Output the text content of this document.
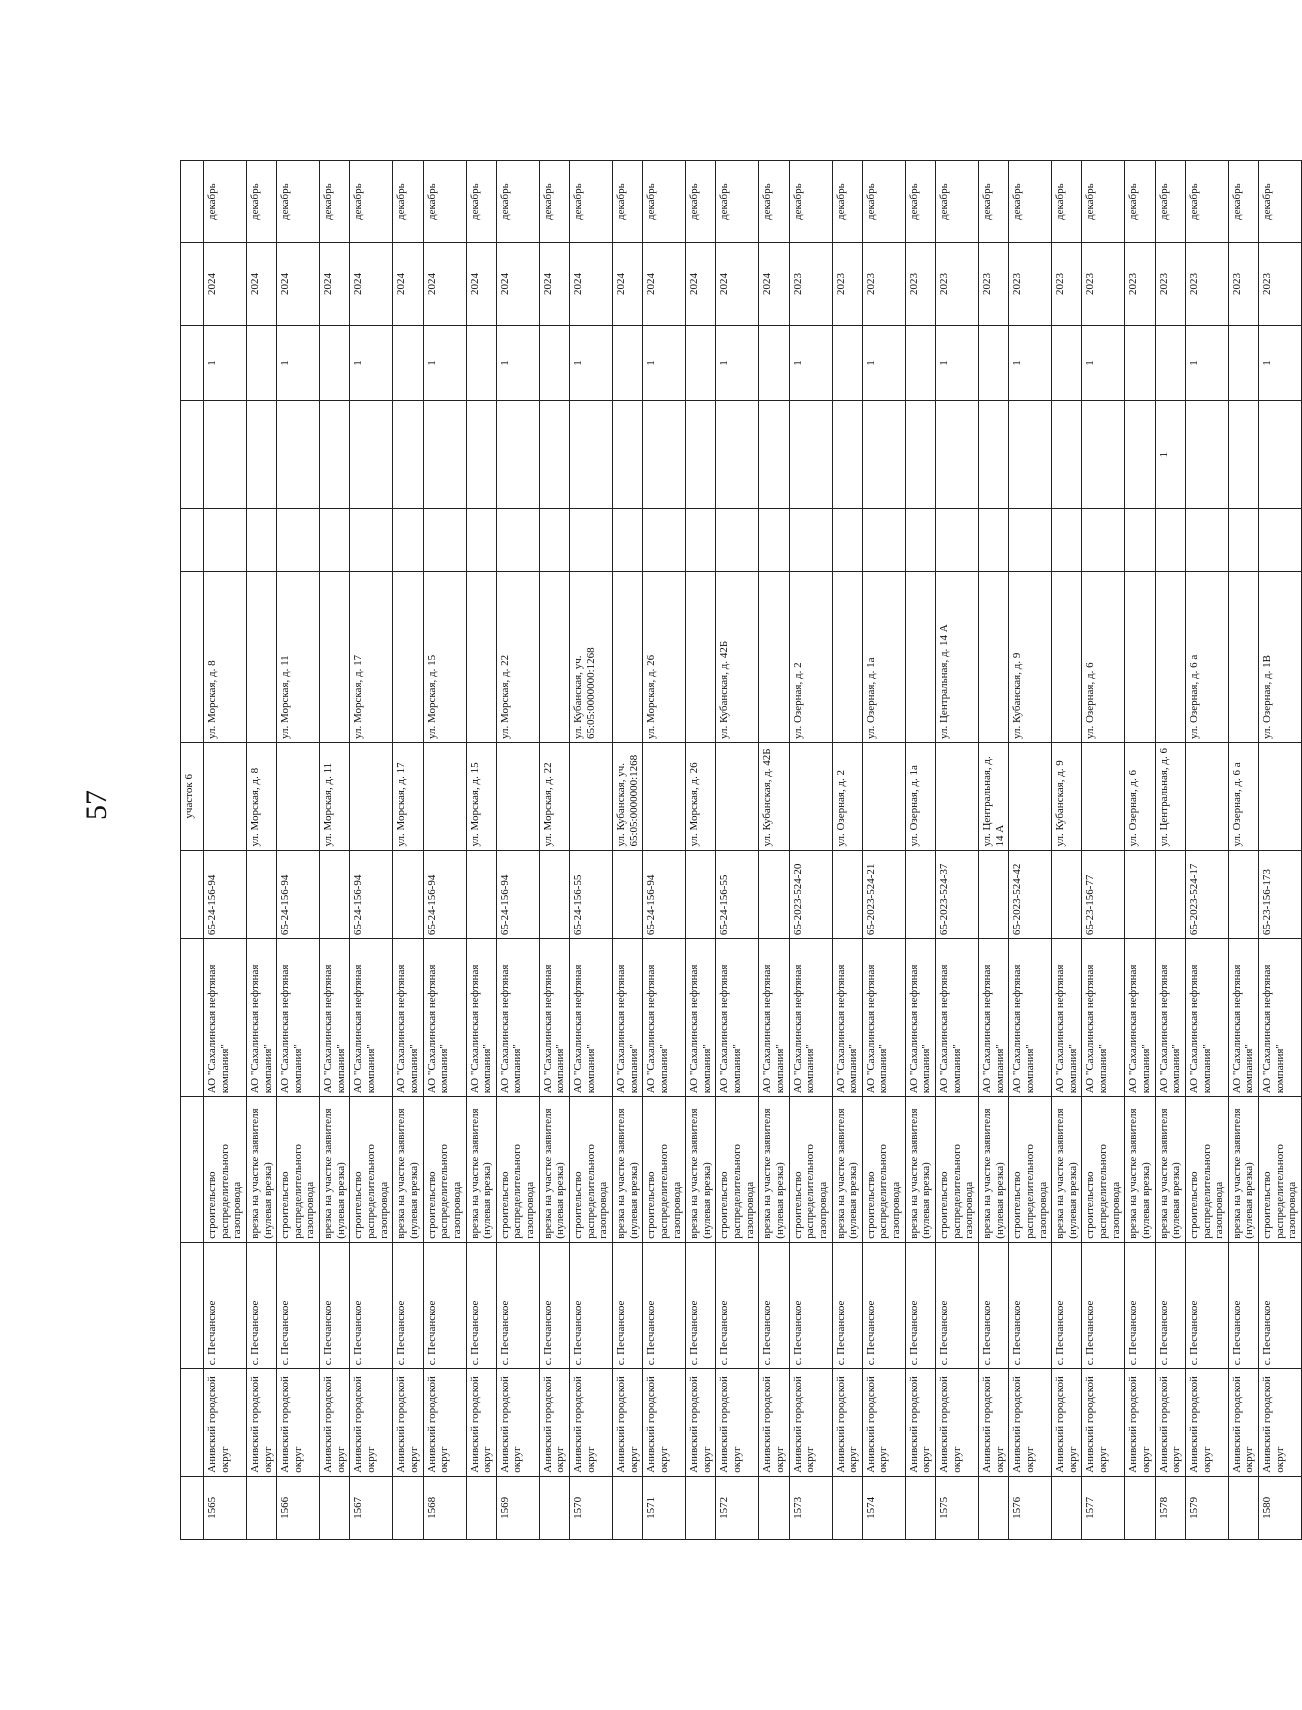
57
							участок 6						
1565	Анивский городской округ	с. Песчанское	строительство распределительного газопровода	АО "Сахалинская нефтяная компания"	65-24-156-94		ул. Морская, д. 8			1	2024	декабрь
	Анивский городской округ	с. Песчанское	врезка на участке заявителя (нулевая врезка)	АО "Сахалинская нефтяная компания"		ул. Морская, д. 8					2024	декабрь
1566	Анивский городской округ	с. Песчанское	строительство распределительного газопровода	АО "Сахалинская нефтяная компания"	65-24-156-94		ул. Морская, д. 11			1	2024	декабрь
	Анивский городской округ	с. Песчанское	врезка на участке заявителя (нулевая врезка)	АО "Сахалинская нефтяная компания"		ул. Морская, д. 11					2024	декабрь
1567	Анивский городской округ	с. Песчанское	строительство распределительного газопровода	АО "Сахалинская нефтяная компания"	65-24-156-94		ул. Морская, д. 17			1	2024	декабрь
	Анивский городской округ	с. Песчанское	врезка на участке заявителя (нулевая врезка)	АО "Сахалинская нефтяная компания"		ул. Морская, д. 17					2024	декабрь
1568	Анивский городской округ	с. Песчанское	строительство распределительного газопровода	АО "Сахалинская нефтяная компания"	65-24-156-94		ул. Морская, д. 15			1	2024	декабрь
	Анивский городской округ	с. Песчанское	врезка на участке заявителя (нулевая врезка)	АО "Сахалинская нефтяная компания"		ул. Морская, д. 15					2024	декабрь
1569	Анивский городской округ	с. Песчанское	строительство распределительного газопровода	АО "Сахалинская нефтяная компания"	65-24-156-94		ул. Морская, д. 22			1	2024	декабрь
	Анивский городской округ	с. Песчанское	врезка на участке заявителя (нулевая врезка)	АО "Сахалинская нефтяная компания"		ул. Морская, д. 22					2024	декабрь
1570	Анивский городской округ	с. Песчанское	строительство распределительного газопровода	АО "Сахалинская нефтяная компания"	65-24-156-55		ул. Кубанская, уч. 65:05:0000000:1268			1	2024	декабрь
	Анивский городской округ	с. Песчанское	врезка на участке заявителя (нулевая врезка)	АО "Сахалинская нефтяная компания"		ул. Кубанская, уч. 65:05:0000000:1268					2024	декабрь
1571	Анивский городской округ	с. Песчанское	строительство распределительного газопровода	АО "Сахалинская нефтяная компания"	65-24-156-94		ул. Морская, д. 26			1	2024	декабрь
	Анивский городской округ	с. Песчанское	врезка на участке заявителя (нулевая врезка)	АО "Сахалинская нефтяная компания"		ул. Морская, д. 26					2024	декабрь
1572	Анивский городской округ	с. Песчанское	строительство распределительного газопровода	АО "Сахалинская нефтяная компания"	65-24-156-55		ул. Кубанская, д. 42Б			1	2024	декабрь
	Анивский городской округ	с. Песчанское	врезка на участке заявителя (нулевая врезка)	АО "Сахалинская нефтяная компания"		ул. Кубанская, д. 42Б					2024	декабрь
1573	Анивский городской округ	с. Песчанское	строительство распределительного газопровода	АО "Сахалинская нефтяная компания"	65-2023-524-20		ул. Озерная, д. 2			1	2023	декабрь
	Анивский городской округ	с. Песчанское	врезка на участке заявителя (нулевая врезка)	АО "Сахалинская нефтяная компания"		ул. Озерная, д. 2					2023	декабрь
1574	Анивский городской округ	с. Песчанское	строительство распределительного газопровода	АО "Сахалинская нефтяная компания"	65-2023-524-21		ул. Озерная, д. 1а			1	2023	декабрь
	Анивский городской округ	с. Песчанское	врезка на участке заявителя (нулевая врезка)	АО "Сахалинская нефтяная компания"		ул. Озерная, д. 1а					2023	декабрь
1575	Анивский городской округ	с. Песчанское	строительство распределительного газопровода	АО "Сахалинская нефтяная компания"	65-2023-524-37		ул. Центральная, д. 14 А			1	2023	декабрь
	Анивский городской округ	с. Песчанское	врезка на участке заявителя (нулевая врезка)	АО "Сахалинская нефтяная компания"		ул. Центральная, д. 14 А					2023	декабрь
1576	Анивский городской округ	с. Песчанское	строительство распределительного газопровода	АО "Сахалинская нефтяная компания"	65-2023-524-42		ул. Кубанская, д. 9			1	2023	декабрь
	Анивский городской округ	с. Песчанское	врезка на участке заявителя (нулевая врезка)	АО "Сахалинская нефтяная компания"		ул. Кубанская, д. 9					2023	декабрь
1577	Анивский городской округ	с. Песчанское	строительство распределительного газопровода	АО "Сахалинская нефтяная компания"	65-23-156-77		ул. Озерная, д. 6			1	2023	декабрь
	Анивский городской округ	с. Песчанское	врезка на участке заявителя (нулевая врезка)	АО "Сахалинская нефтяная компания"		ул. Озерная, д. 6					2023	декабрь
1578	Анивский городской округ	с. Песчанское	врезка на участке заявителя (нулевая врезка)	АО "Сахалинская нефтяная компания"		ул. Центральная, д. 6			1		2023	декабрь
1579	Анивский городской округ	с. Песчанское	строительство распределительного газопровода	АО "Сахалинская нефтяная компания"	65-2023-524-17		ул. Озерная, д. 6 а			1	2023	декабрь
	Анивский городской округ	с. Песчанское	врезка на участке заявителя (нулевая врезка)	АО "Сахалинская нефтяная компания"		ул. Озерная, д. 6 а					2023	декабрь
1580	Анивский городской округ	с. Песчанское	строительство распределительного газопровода	АО "Сахалинская нефтяная компания"	65-23-156-173		ул. Озерная, д. 1В			1	2023	декабрь
